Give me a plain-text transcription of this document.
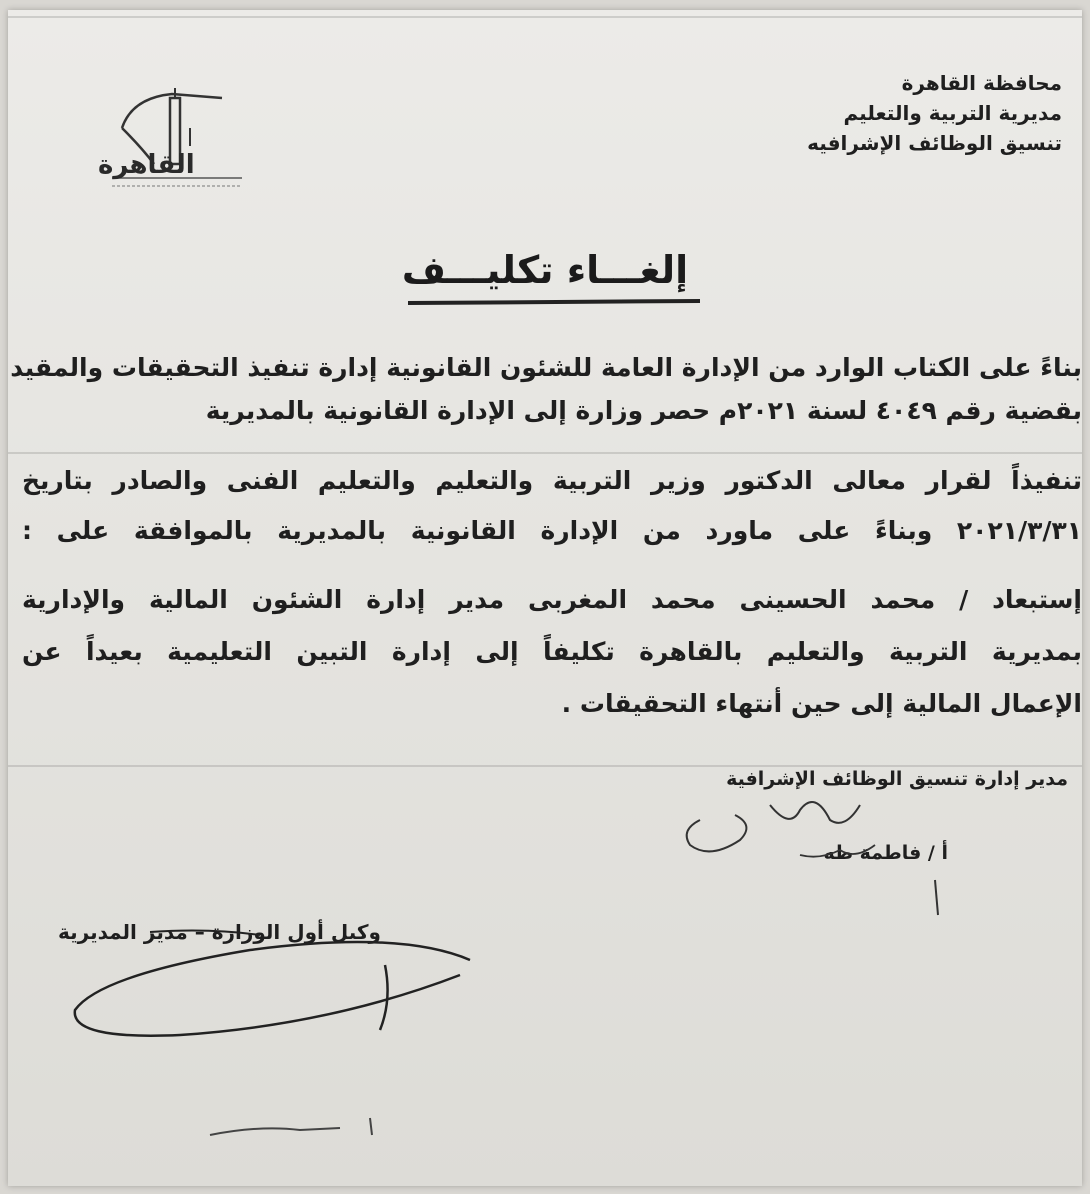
محافظة القاهرة
مديرية التربية والتعليم
تنسيق الوظائف الإشرافيه
القاهرة
إلغـــاء تكليـــف
بناءً على الكتاب الوارد من الإدارة العامة للشئون القانونية إدارة تنفيذ التحقيقات والمقيد
بقضية رقم ٤٠٤٩ لسنة ٢٠٢١م حصر وزارة إلى الإدارة القانونية بالمديرية
تنفيذاً لقرار معالى الدكتور وزير التربية والتعليم والتعليم الفنى والصادر بتاريخ
٢٠٢١/٣/٣١ وبناءً على ماورد من الإدارة القانونية بالمديرية بالموافقة على :
إستبعاد / محمد الحسينى محمد المغربى مدير إدارة الشئون المالية والإدارية
بمديرية التربية والتعليم بالقاهرة تكليفاً إلى إدارة التبين التعليمية بعيداً عن
الإعمال المالية إلى حين أنتهاء التحقيقات .
مدير إدارة تنسيق الوظائف الإشرافية
أ / فاطمة طه
وكيل أول الوزارة – مدير المديرية
